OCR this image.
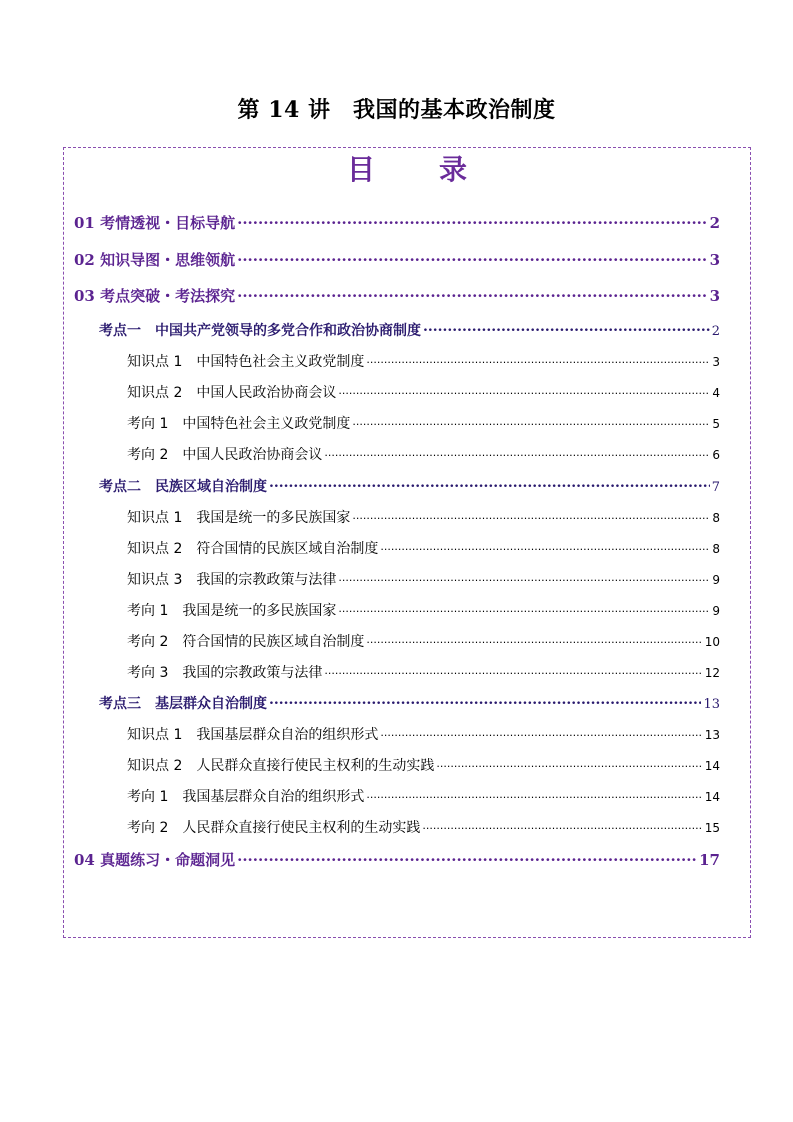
第 14 讲　我国的基本政治制度
目　录
01 考情透视・目标导航 .....	2
02 知识导图・思维领航 .....	3
03 考点突破・考法探究 .....	3
考点一　中国共产党领导的多党合作和政治协商制度 .....	2
知识点 1　中国特色社会主义政党制度 .....	3
知识点 2　中国人民政治协商会议 .....	4
考向 1　中国特色社会主义政党制度 .....	5
考向 2　中国人民政治协商会议 .....	6
考点二　民族区域自治制度 .....	7
知识点 1　我国是统一的多民族国家 .....	8
知识点 2　符合国情的民族区域自治制度 .....	8
知识点 3　我国的宗教政策与法律 .....	9
考向 1　我国是统一的多民族国家 .....	9
考向 2　符合国情的民族区域自治制度 .....	10
考向 3　我国的宗教政策与法律 .....	12
考点三　基层群众自治制度 .....	13
知识点 1　我国基层群众自治的组织形式 .....	13
知识点 2　人民群众直接行使民主权利的生动实践 .....	14
考向 1　我国基层群众自治的组织形式 .....	14
考向 2　人民群众直接行使民主权利的生动实践 .....	15
04 真题练习・命题洞见 .....	17
